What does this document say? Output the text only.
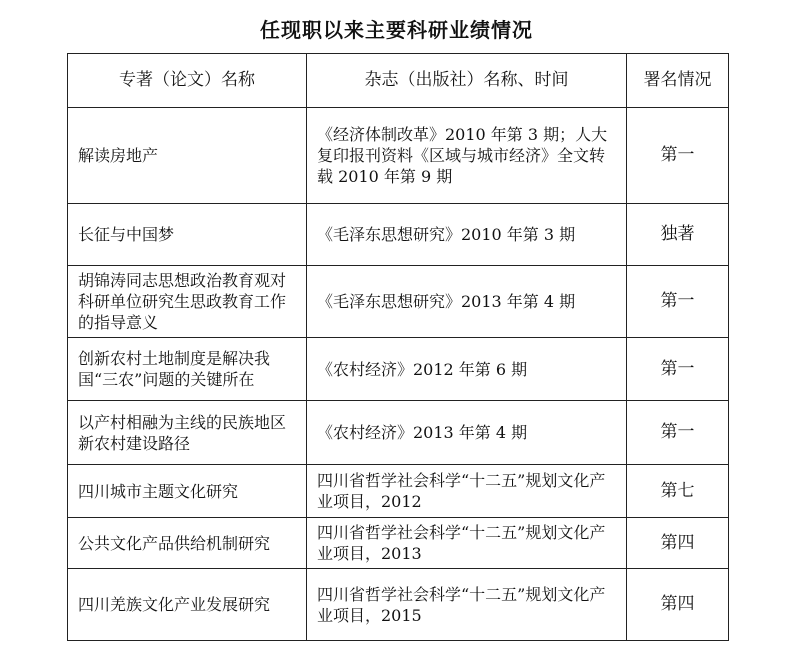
任现职以来主要科研业绩情况
专著（论文）名称	杂志（出版社）名称、时间	署名情况
解读房地产	《经济体制改革》2010 年第 3 期；人大复印报刊资料《区域与城市经济》全文转载 2010 年第 9 期	第一
长征与中国梦	《毛泽东思想研究》2010 年第 3 期	独著
胡锦涛同志思想政治教育观对科研单位研究生思政教育工作的指导意义	《毛泽东思想研究》2013 年第 4 期	第一
创新农村土地制度是解决我国“三农”问题的关键所在	《农村经济》2012 年第 6 期	第一
以产村相融为主线的民族地区新农村建设路径	《农村经济》2013 年第 4 期	第一
四川城市主题文化研究	四川省哲学社会科学“十二五”规划文化产业项目，2012	第七
公共文化产品供给机制研究	四川省哲学社会科学“十二五”规划文化产业项目，2013	第四
四川羌族文化产业发展研究	四川省哲学社会科学“十二五”规划文化产业项目，2015	第四
